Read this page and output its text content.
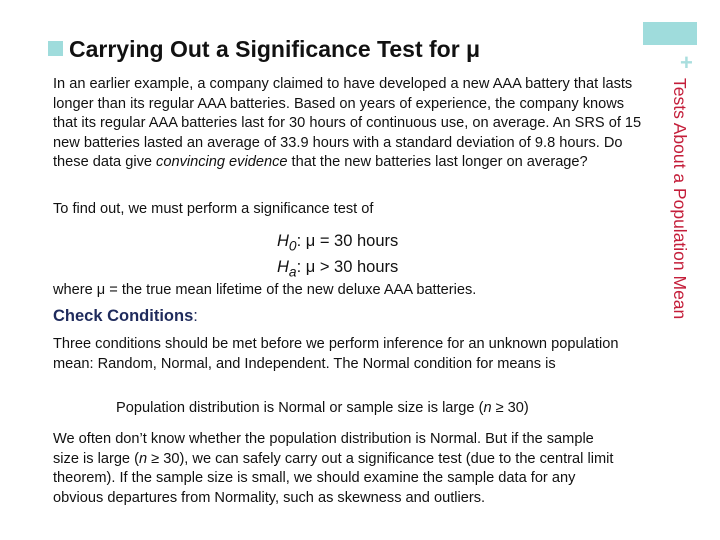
+
Tests About a Population Mean
Carrying Out a Significance Test for μ
In an earlier example, a company claimed to have developed a new AAA battery that lasts longer than its regular AAA batteries. Based on years of experience, the company knows that its regular AAA batteries last for 30 hours of continuous use, on average. An SRS of 15 new batteries lasted an average of 33.9 hours with a standard deviation of 9.8 hours. Do these data give convincing evidence that the new batteries last longer on average?
To find out, we must perform a significance test of
$H_0$: μ = 30 hours
$H_a$: μ > 30 hours
where μ = the true mean lifetime of the new deluxe AAA batteries.
Check Conditions:
Three conditions should be met before we perform inference for an unknown population mean: Random, Normal, and Independent. The Normal condition for means is
Population distribution is Normal or sample size is large (n ≥ 30)
We often don’t know whether the population distribution is Normal. But if the sample size is large (n ≥ 30), we can safely carry out a significance test (due to the central limit theorem). If the sample size is small, we should examine the sample data for any obvious departures from Normality, such as skewness and outliers.
